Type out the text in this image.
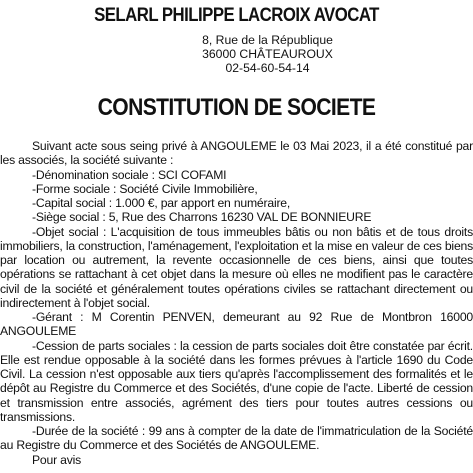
SELARL PHILIPPE LACROIX AVOCAT
8, Rue de la République
36000 CHÂTEAUROUX
02-54-60-54-14
CONSTITUTION DE SOCIETE

Suivant acte sous seing privé à ANGOULEME le 03 Mai 2023, il a été constitué par les associés, la société suivante :

-Dénomination sociale : SCI COFAMI

-Forme sociale : Société Civile Immobilière,

-Capital social : 1.000 €, par apport en numéraire,

-Siège social : 5, Rue des Charrons 16230 VAL DE BONNIEURE

-Objet social : L'acquisition de tous immeubles bâtis ou non bâtis et de tous droits immobiliers, la construction, l'aménagement, l'exploitation et la mise en valeur de ces biens par location ou autrement, la revente occasionnelle de ces biens, ainsi que toutes opérations se rattachant à cet objet dans la mesure où elles ne modifient pas le caractère civil de la société et généralement toutes opérations civiles se rattachant directement ou indirectement à l'objet social.

-Gérant : M Corentin PENVEN, demeurant au 92 Rue de Montbron 16000 ANGOULEME

-Cession de parts sociales : la cession de parts sociales doit être constatée par écrit. Elle est rendue opposable à la société dans les formes prévues à l'article 1690 du Code Civil. La cession n'est opposable aux tiers qu'après l'accomplissement des formalités et le dépôt au Registre du Commerce et des Sociétés, d'une copie de l'acte. Liberté de cession et transmission entre associés, agrément des tiers pour toutes autres cessions ou transmissions.

-Durée de la société : 99 ans à compter de la date de l'immatriculation de la Société au Registre du Commerce et des Sociétés de ANGOULEME.

Pour avis
